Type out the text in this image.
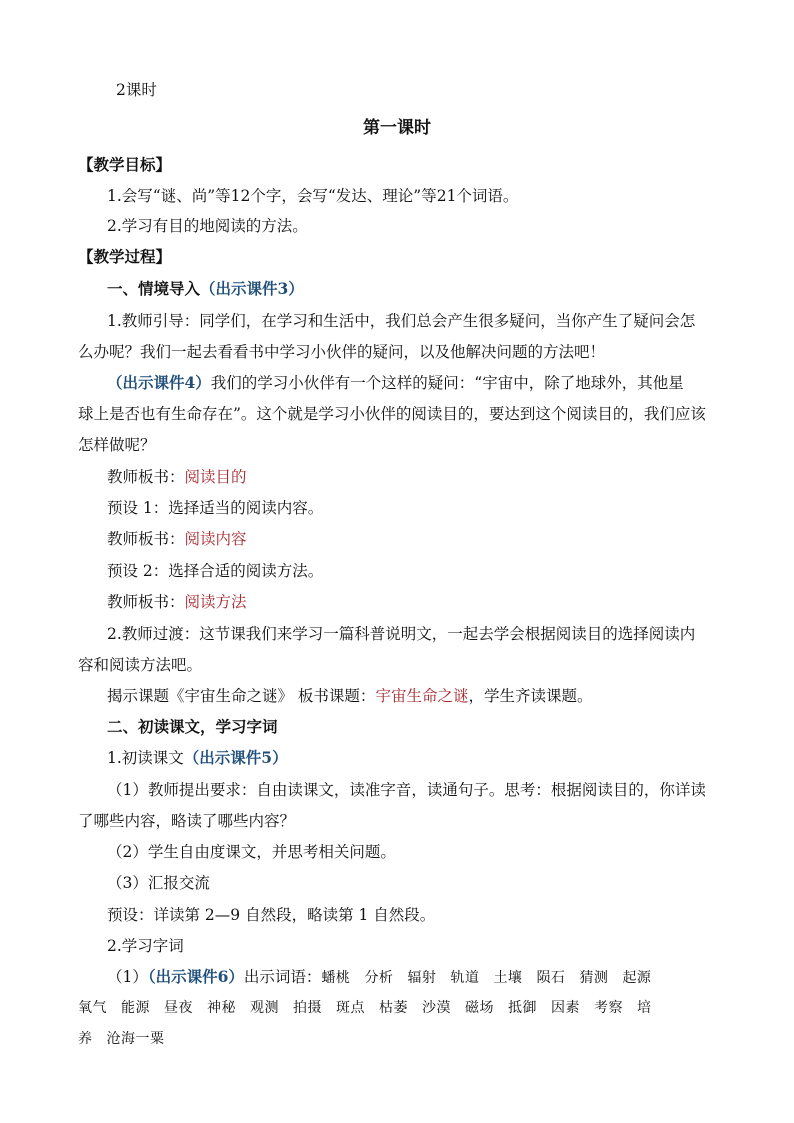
2课时
第一课时
【教学目标】
1.会写“谜、尚”等12个字，会写“发达、理论”等21个词语。
2.学习有目的地阅读的方法。
【教学过程】
一、情境导入（出示课件3）
1.教师引导：同学们，在学习和生活中，我们总会产生很多疑问，当你产生了疑问会怎
么办呢？我们一起去看看书中学习小伙伴的疑问，以及他解决问题的方法吧！
（出示课件4）我们的学习小伙伴有一个这样的疑问：“宇宙中，除了地球外，其他星
球上是否也有生命存在”。这个就是学习小伙伴的阅读目的，要达到这个阅读目的，我们应该
怎样做呢？
教师板书：阅读目的
预设 1：选择适当的阅读内容。
教师板书：阅读内容
预设 2：选择合适的阅读方法。
教师板书：阅读方法
2.教师过渡：这节课我们来学习一篇科普说明文，一起去学会根据阅读目的选择阅读内
容和阅读方法吧。
揭示课题《宇宙生命之谜》 板书课题：宇宙生命之谜，学生齐读课题。
二、初读课文，学习字词
1.初读课文（出示课件5）
（1）教师提出要求：自由读课文，读准字音，读通句子。思考：根据阅读目的，你详读
了哪些内容，略读了哪些内容？
（2）学生自由度课文，并思考相关问题。
（3）汇报交流
预设：详读第 2—9 自然段，略读第 1 自然段。
2.学习字词
（1）（出示课件6）出示词语：蟠桃 分析 辐射 轨道 土壤 陨石 猜测 起源
氧气 能源 昼夜 神秘 观测 拍摄 斑点 枯萎 沙漠 磁场 抵御 因素 考察 培
养 沧海一粟
